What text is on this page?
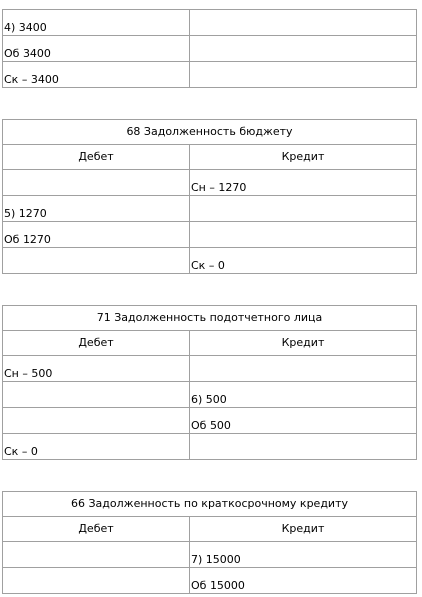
4) 3400	
Об 3400	
Ск – 3400	
68 Задолженность бюджету	
Дебет	Кредит
	Сн – 1270
5) 1270	
Об 1270	
	Ск – 0
71 Задолженность подотчетного лица	
Дебет	Кредит
Сн – 500	
	6) 500
	Об 500
Ск – 0	
66 Задолженность по краткосрочному кредиту	
Дебет	Кредит
	7) 15000
	Об 15000
